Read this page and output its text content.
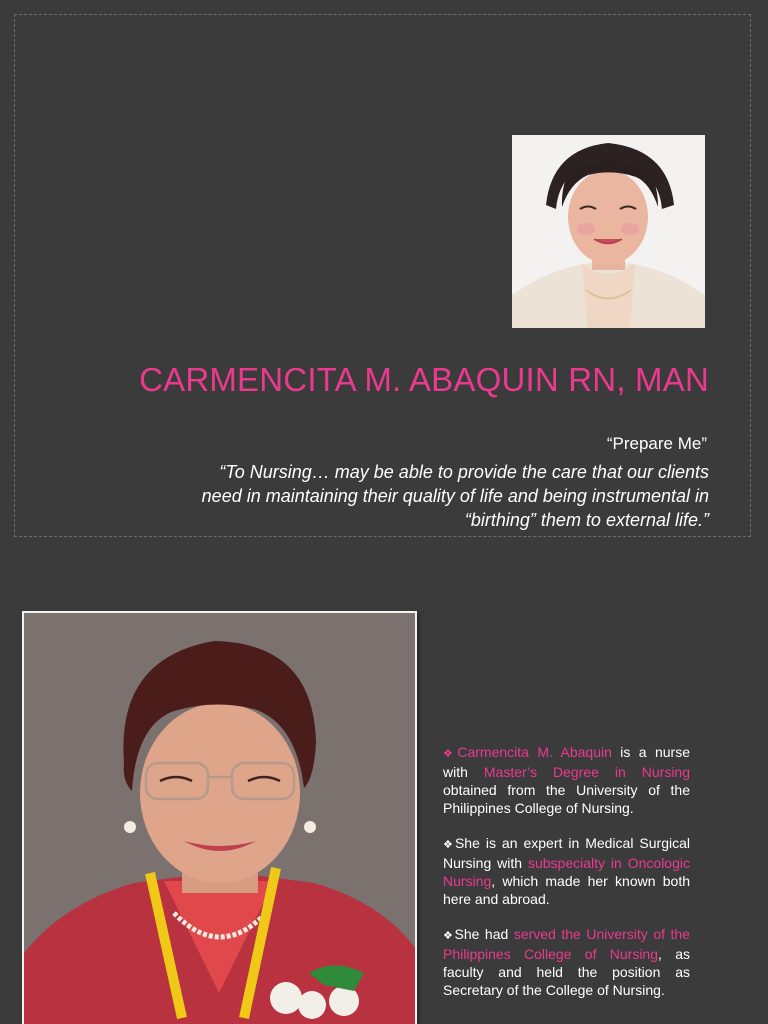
CARMENCITA M. ABAQUIN RN, MAN
“Prepare Me”
“To Nursing… may be able to provide the care that our clients need in maintaining their quality of life and being instrumental in “birthing” them to external life.”

❖Carmencita M. Abaquin is a nurse with Master’s Degree in Nursing obtained from the University of the Philippines College of Nursing.

❖She is an expert in Medical Surgical Nursing with subspecialty in Oncologic Nursing, which made her known both here and abroad.

❖She had served the University of the Philippines College of Nursing, as faculty and held the position as Secretary of the College of Nursing.
